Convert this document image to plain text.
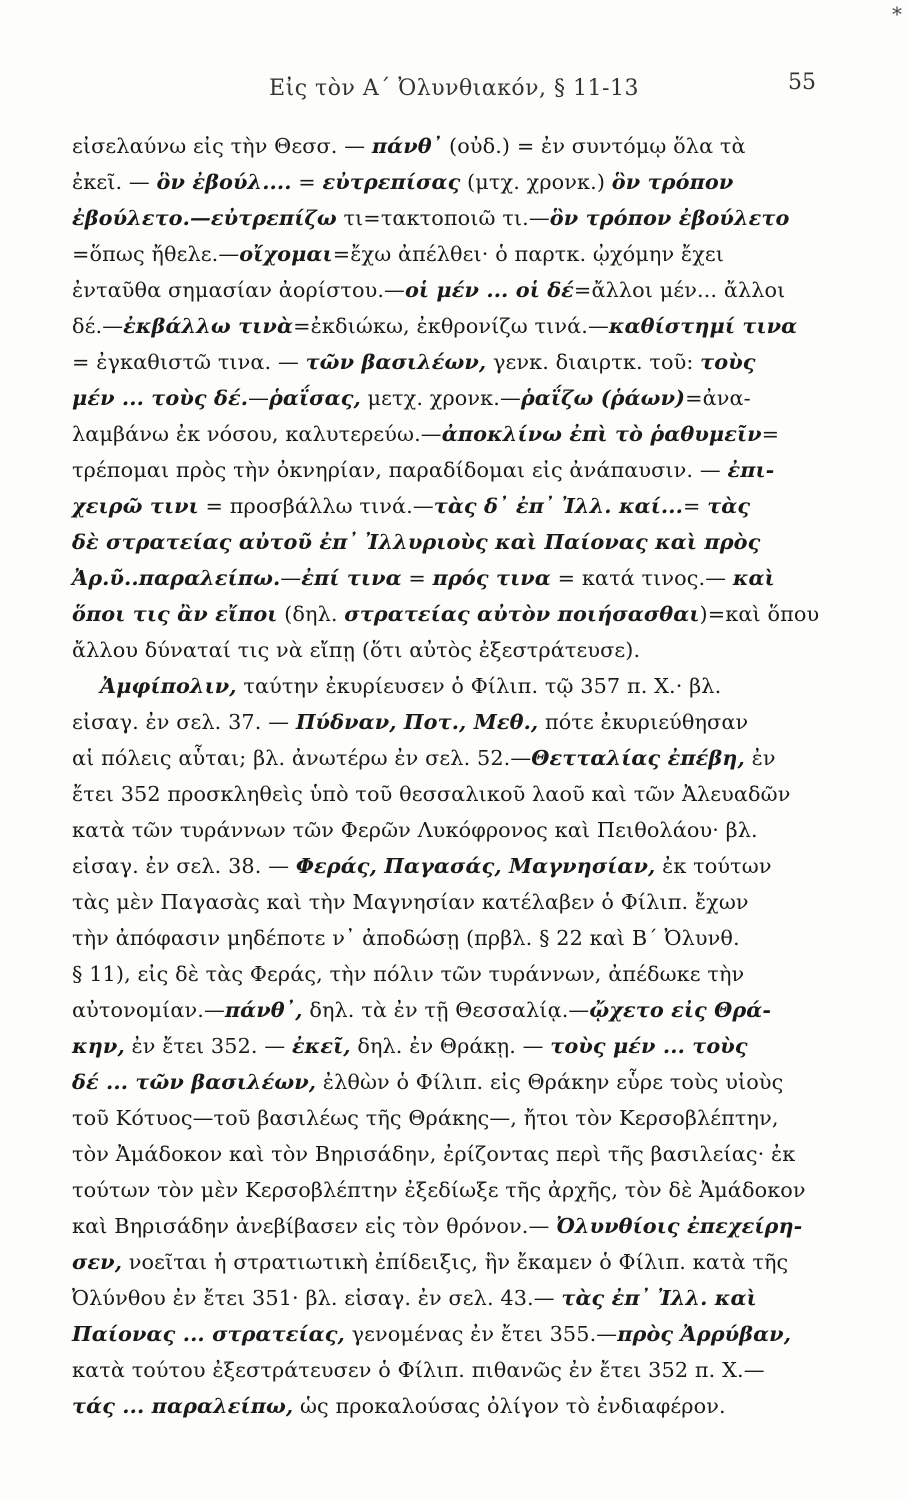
Εἰς τὸν Α´ Ὀλυνθιακόν, § 11-13	55
*
εἰσελαύνω εἰς τὴν Θεσσ. — πάνθ᾽ (οὐδ.) = ἐν συντόμῳ ὅλα τὰ
ἐκεῖ. — ὃν ἐβούλ.... = εὐτρεπίσας (μτχ. χρονκ.) ὃν τρόπον
ἐβούλετο.—εὐτρεπίζω τι=τακτοποιῶ τι.—ὃν τρόπον ἐβούλετο
=ὅπως ἤθελε.—οἴχομαι=ἔχω ἀπέλθει· ὁ παρτκ. ᾠχόμην ἔχει
ἐνταῦθα σημασίαν ἀορίστου.—οἱ μέν ... οἱ δέ=ἄλλοι μέν... ἄλλοι
δέ.—ἐκβάλλω τινὰ=ἐκδιώκω, ἐκθρονίζω τινά.—καθίστημί τινα
= ἐγκαθιστῶ τινα. — τῶν βασιλέων, γενκ. διαιρτκ. τοῦ: τοὺς
μέν ... τοὺς δέ.—ῥαΐσας, μετχ. χρονκ.—ῥαΐζω (ῥάων)=ἀνα-
λαμβάνω ἐκ νόσου, καλυτερεύω.—ἀποκλίνω ἐπὶ τὸ ῥαθυμεῖν=
τρέπομαι πρὸς τὴν ὀκνηρίαν, παραδίδομαι εἰς ἀνάπαυσιν. — ἐπι-
χειρῶ τινι = προσβάλλω τινά.—τὰς δ᾽ ἐπ᾽ Ἰλλ. καί...= τὰς
δὲ στρατείας αὐτοῦ ἐπ᾽ Ἰλλυριοὺς καὶ Παίονας καὶ πρὸς
Ἀρ.ῦ..παραλείπω.—ἐπί τινα = πρός τινα = κατά τινος.— καὶ
ὅποι τις ἂν εἴποι (δηλ. στρατείας αὐτὸν ποιήσασθαι)=καὶ ὅπου
ἄλλου δύναταί τις νὰ εἴπῃ (ὅτι αὐτὸς ἐξεστράτευσε).
Ἀμφίπολιν, ταύτην ἐκυρίευσεν ὁ Φίλιπ. τῷ 357 π. Χ.· βλ.
εἰσαγ. ἐν σελ. 37. — Πύδναν, Ποτ., Μεθ., πότε ἐκυριεύθησαν
αἱ πόλεις αὗται; βλ. ἀνωτέρω ἐν σελ. 52.—Θετταλίας ἐπέβη, ἐν
ἔτει 352 προσκληθεὶς ὑπὸ τοῦ θεσσαλικοῦ λαοῦ καὶ τῶν Ἀλευαδῶν
κατὰ τῶν τυράννων τῶν Φερῶν Λυκόφρονος καὶ Πειθολάου· βλ.
εἰσαγ. ἐν σελ. 38. — Φεράς, Παγασάς, Μαγνησίαν, ἐκ τούτων
τὰς μὲν Παγασὰς καὶ τὴν Μαγνησίαν κατέλαβεν ὁ Φίλιπ. ἔχων
τὴν ἀπόφασιν μηδέποτε ν᾽ ἀποδώσῃ (πρβλ. § 22 καὶ Β´ Ὀλυνθ.
§ 11), εἰς δὲ τὰς Φεράς, τὴν πόλιν τῶν τυράννων, ἀπέδωκε τὴν
αὐτονομίαν.—πάνθ᾽, δηλ. τὰ ἐν τῇ Θεσσαλίᾳ.—ᾤχετο εἰς Θρά-
κην, ἐν ἔτει 352. — ἐκεῖ, δηλ. ἐν Θράκῃ. — τοὺς μέν ... τοὺς
δέ ... τῶν βασιλέων, ἐλθὼν ὁ Φίλιπ. εἰς Θράκην εὗρε τοὺς υἱοὺς
τοῦ Κότυος—τοῦ βασιλέως τῆς Θράκης—, ἤτοι τὸν Κερσοβλέπτην,
τὸν Ἀμάδοκον καὶ τὸν Βηρισάδην, ἐρίζοντας περὶ τῆς βασιλείας· ἐκ
τούτων τὸν μὲν Κερσοβλέπτην ἐξεδίωξε τῆς ἀρχῆς, τὸν δὲ Ἀμάδοκον
καὶ Βηρισάδην ἀνεβίβασεν εἰς τὸν θρόνον.— Ὀλυνθίοις ἐπεχείρη-
σεν, νοεῖται ἡ στρατιωτικὴ ἐπίδειξις, ἣν ἔκαμεν ὁ Φίλιπ. κατὰ τῆς
Ὀλύνθου ἐν ἔτει 351· βλ. εἰσαγ. ἐν σελ. 43.— τὰς ἐπ᾽ Ἰλλ. καὶ
Παίονας ... στρατείας, γενομένας ἐν ἔτει 355.—πρὸς Ἀρρύβαν,
κατὰ τούτου ἐξεστράτευσεν ὁ Φίλιπ. πιθανῶς ἐν ἔτει 352 π. Χ.—
τάς ... παραλείπω, ὡς προκαλούσας ὀλίγον τὸ ἐνδιαφέρον.
